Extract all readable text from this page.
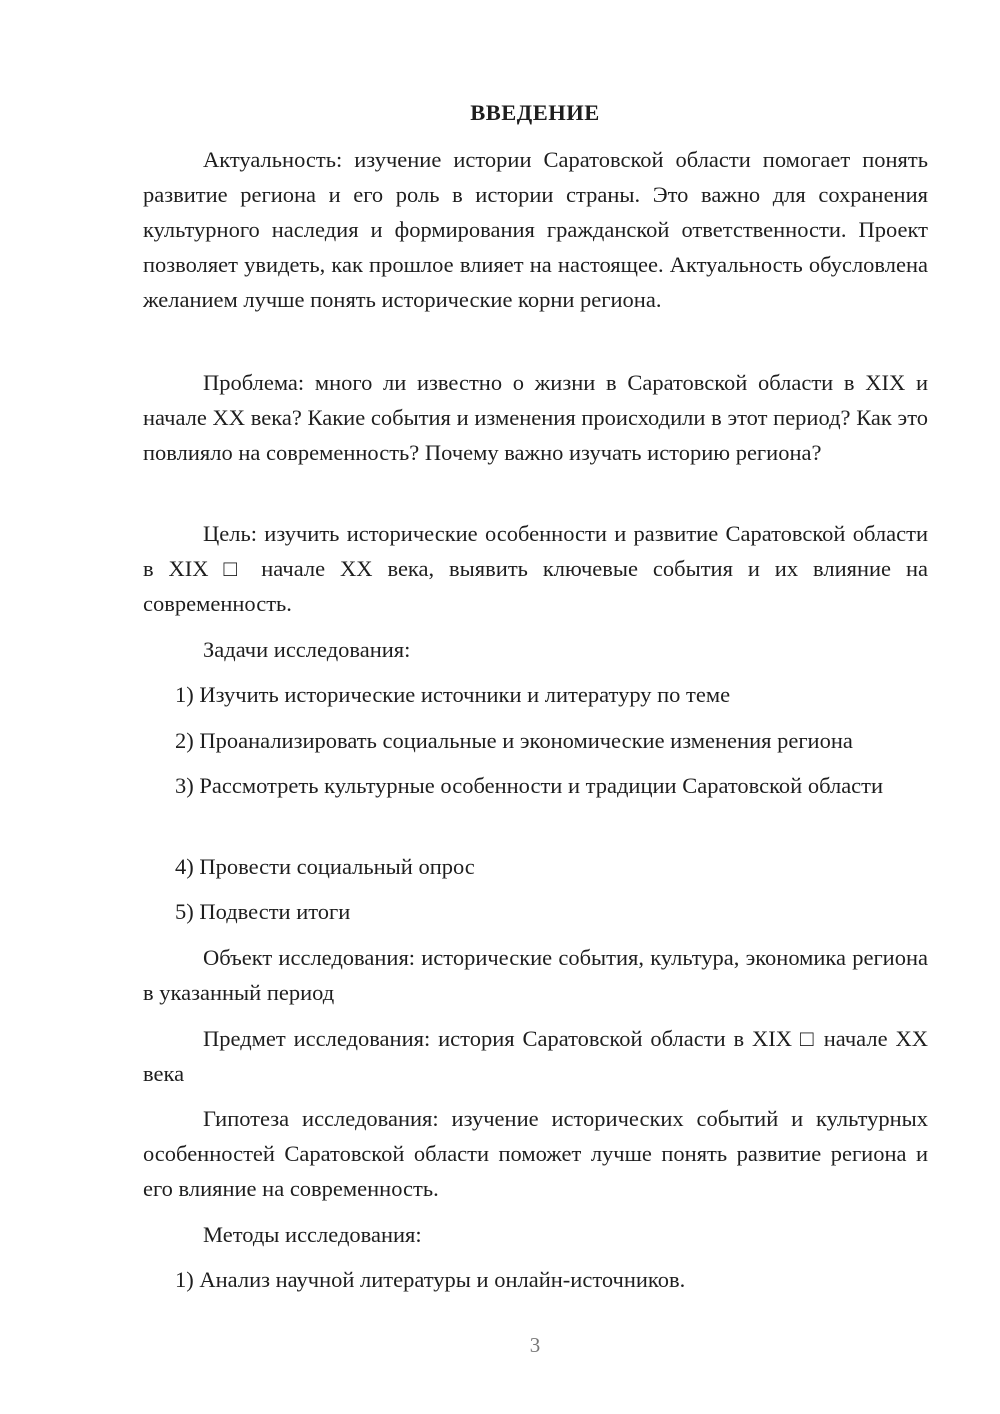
ВВЕДЕНИЕ

Актуальность: изучение истории Саратовской области помогает понять развитие региона и его роль в истории страны. Это важно для сохранения культурного наследия и формирования гражданской ответственности. Проект позволяет увидеть, как прошлое влияет на настоящее. Актуальность обусловлена желанием лучше понять исторические корни региона.

Проблема: много ли известно о жизни в Саратовской области в XIX и начале XX века? Какие события и изменения происходили в этот период? Как это повлияло на современность? Почему важно изучать историю региона?

Цель: изучить исторические особенности и развитие Саратовской области в XIX □ начале XX века, выявить ключевые события и их влияние на современность.

Задачи исследования:

1) Изучить исторические источники и литературу по теме

2) Проанализировать социальные и экономические изменения региона

3) Рассмотреть культурные особенности и традиции Саратовской области

4) Провести социальный опрос

5) Подвести итоги

Объект исследования: исторические события, культура, экономика региона в указанный период

Предмет исследования: история Саратовской области в XIX □ начале XX века

Гипотеза исследования: изучение исторических событий и культурных особенностей Саратовской области поможет лучше понять развитие региона и его влияние на современность.

Методы исследования:

1) Анализ научной литературы и онлайн-источников.

3
